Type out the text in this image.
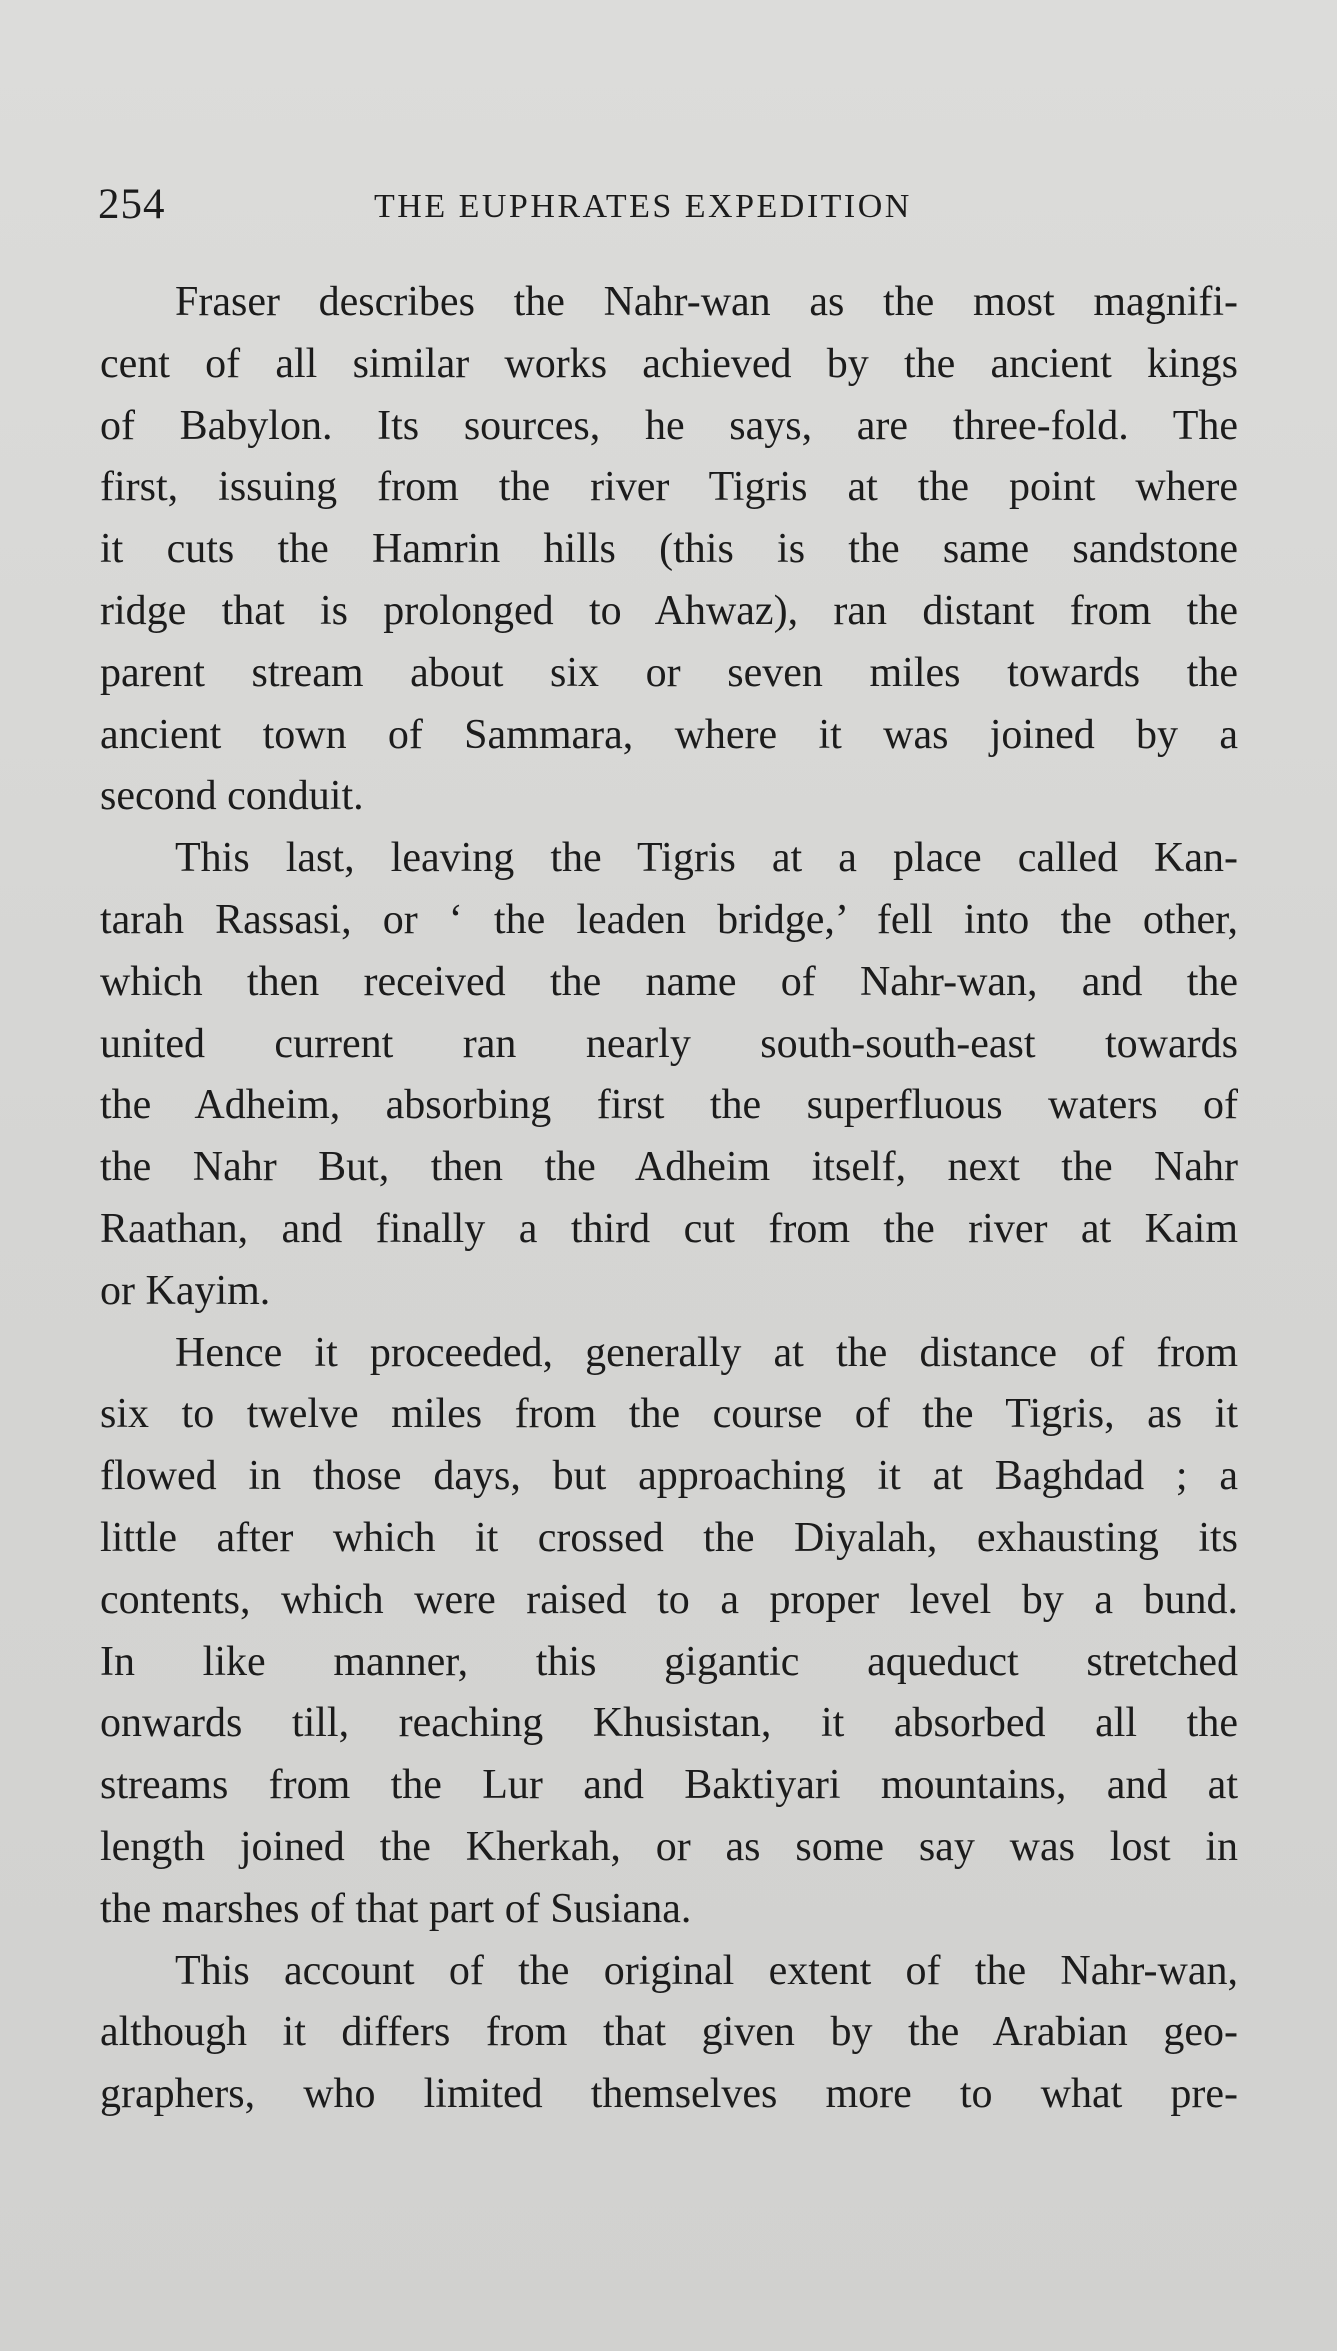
254	THE EUPHRATES EXPEDITION

Fraser describes the Nahr-wan as the most magnifi-
cent of all similar works achieved by the ancient kings
of Babylon. Its sources, he says, are three-fold. The
first, issuing from the river Tigris at the point where
it cuts the Hamrin hills (this is the same sandstone
ridge that is prolonged to Ahwaz), ran distant from the
parent stream about six or seven miles towards the
ancient town of Sammara, where it was joined by a
second conduit.

This last, leaving the Tigris at a place called Kan-
tarah Rassasi, or ‘ the leaden bridge,’ fell into the other,
which then received the name of Nahr-wan, and the
united current ran nearly south-south-east towards
the Adheim, absorbing first the superfluous waters of
the Nahr But, then the Adheim itself, next the Nahr
Raathan, and finally a third cut from the river at Kaim
or Kayim.

Hence it proceeded, generally at the distance of from
six to twelve miles from the course of the Tigris, as it
flowed in those days, but approaching it at Baghdad ; a
little after which it crossed the Diyalah, exhausting its
contents, which were raised to a proper level by a bund.
In like manner, this gigantic aqueduct stretched
onwards till, reaching Khusistan, it absorbed all the
streams from the Lur and Baktiyari mountains, and at
length joined the Kherkah, or as some say was lost in
the marshes of that part of Susiana.

This account of the original extent of the Nahr-wan,
although it differs from that given by the Arabian geo-
graphers, who limited themselves more to what pre-
